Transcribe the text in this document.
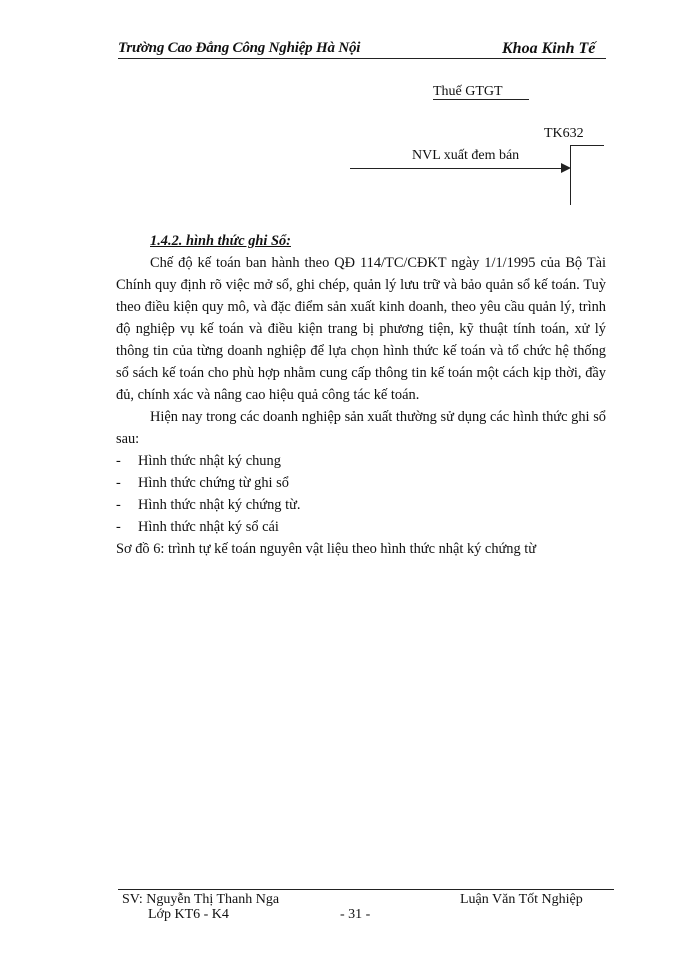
Trường Cao Đẳng Công Nghiệp Hà Nội	Khoa Kinh Tế
Thuế GTGT
TK632
NVL xuất đem bán
1.4.2. hình thức ghi Sổ:

Chế độ kế toán ban hành theo QĐ 114/TC/CĐKT ngày 1/1/1995 của Bộ Tài Chính quy định rõ việc mở sổ, ghi chép, quản lý lưu trữ và bảo quản sổ kế toán. Tuỳ theo điều kiện quy mô, và đặc điểm sản xuất kinh doanh, theo yêu cầu quản lý, trình độ nghiệp vụ kế toán và điều kiện trang bị phương tiện, kỹ thuật tính toán, xử lý thông tin của từng doanh nghiệp để lựa chọn hình thức kế toán và tổ chức hệ thống sổ sách kế toán cho phù hợp nhằm cung cấp thông tin kế toán một cách kịp thời, đầy đủ, chính xác và nâng cao hiệu quả công tác kế toán.

Hiện nay trong các doanh nghiệp sản xuất thường sử dụng các hình thức ghi sổ sau:

- Hình thức nhật ký chung
- Hình thức chứng từ ghi sổ
- Hình thức nhật ký chứng từ.
- Hình thức nhật ký sổ cái
Sơ đồ 6: trình tự kế toán nguyên vật liệu theo hình thức nhật ký chứng từ
SV: Nguyễn Thị Thanh Nga
Lớp KT6 - K4	- 31 -
Luận Văn Tốt Nghiệp
